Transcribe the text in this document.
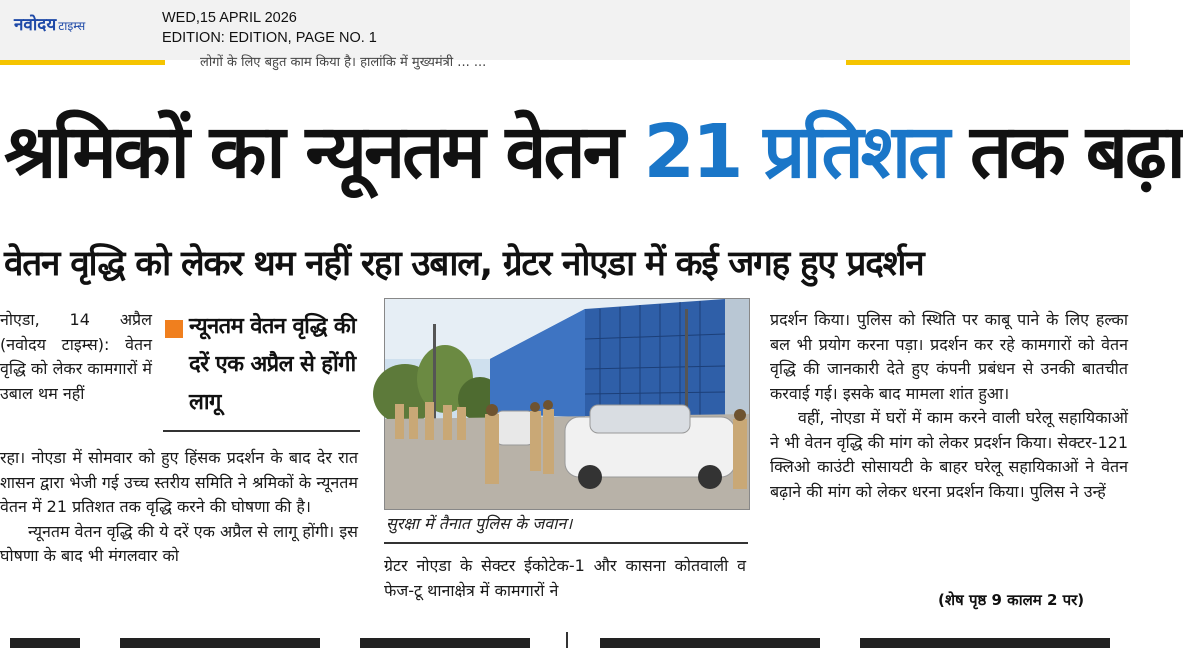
नवोदय टाइम्स	WED,15 APRIL 2026
EDITION: EDITION, PAGE NO. 1
लोगों के लिए बहुत काम किया है। हालांकि में मुख्यमंत्री ... ...
श्रमिकों का न्यूनतम वेतन 21 प्रतिशत तक बढ़ा
वेतन वृद्धि को लेकर थम नहीं रहा उबाल, ग्रेटर नोएडा में कई जगह हुए प्रदर्शन
नोएडा, 14 अप्रैल (नवोदय टाइम्स): वेतन वृद्धि को लेकर कामगारों में उबाल थम नहीं
न्यूनतम वेतन वृद्धि की दरें एक अप्रैल से होंगी लागू

रहा। नोएडा में सोमवार को हुए हिंसक प्रदर्शन के बाद देर रात शासन द्वारा भेजी गई उच्च स्तरीय समिति ने श्रमिकों के न्यूनतम वेतन में 21 प्रतिशत तक वृद्धि करने की घोषणा की है।

न्यूनतम वेतन वृद्धि की ये दरें एक अप्रैल से लागू होंगी। इस घोषणा के बाद भी मंगलवार को

सुरक्षा में तैनात पुलिस के जवान।
ग्रेटर नोएडा के सेक्टर ईकोटेक-1 और कासना कोतवाली व फेज-टू थानाक्षेत्र में कामगारों ने

प्रदर्शन किया। पुलिस को स्थिति पर काबू पाने के लिए हल्का बल भी प्रयोग करना पड़ा। प्रदर्शन कर रहे कामगारों को वेतन वृद्धि की जानकारी देते हुए कंपनी प्रबंधन से उनकी बातचीत करवाई गई। इसके बाद मामला शांत हुआ।

वहीं, नोएडा में घरों में काम करने वाली घरेलू सहायिकाओं ने भी वेतन वृद्धि की मांग को लेकर प्रदर्शन किया। सेक्टर-121 क्लिओ काउंटी सोसायटी के बाहर घरेलू सहायिकाओं ने वेतन बढ़ाने की मांग को लेकर धरना प्रदर्शन किया। पुलिस ने उन्हें

(शेष पृष्ठ 9 कालम 2 पर)
